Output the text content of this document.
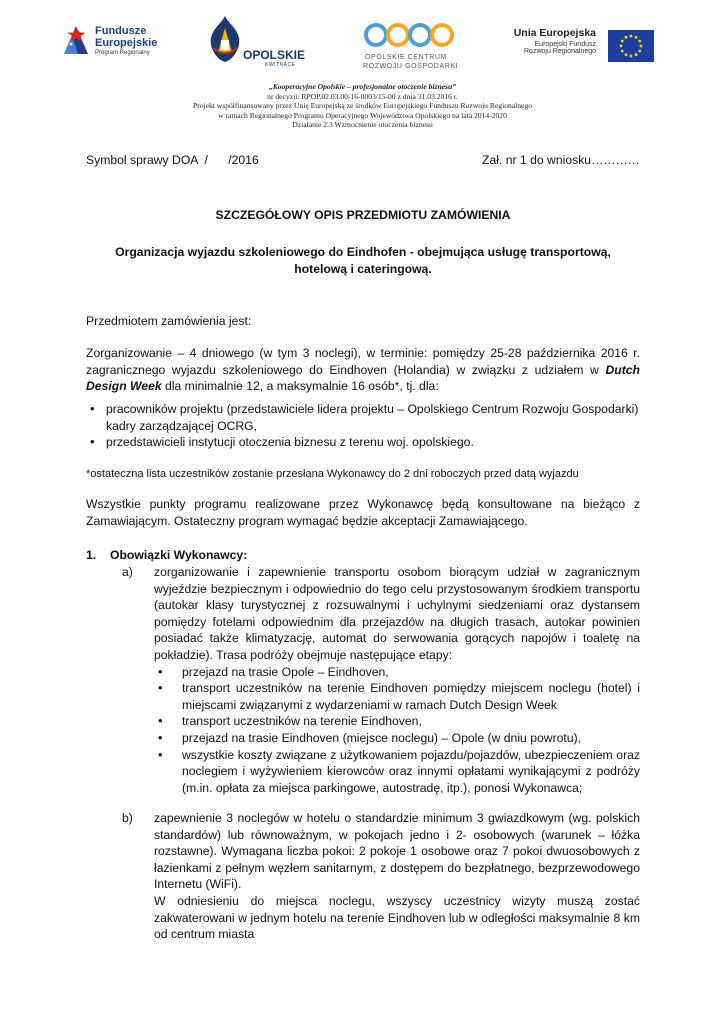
Fundusze
Europejskie
Program Regionalny	OPOLSKIE
KWITNĄCE
OPOLSKIE CENTRUM
ROZWOJU GOSPODARKI
Unia Europejska
Europejski Fundusz
Rozwoju Regionalnego
„Kooperacyjne Opolskie – profesjonalne otoczenie biznesu”
nr decyzji: RPOP.02.03.00-16-0003/15-00 z dnia 31.03.2016 r.
Projekt współfinansowany przez Unię Europejską ze środków Europejskiego Funduszu Rozwoju Regionalnego
w ramach Regionalnego Programu Operacyjnego Województwa Opolskiego na lata 2014-2020
Działanie 2.3 Wzmocnienie otoczenia biznesu
Symbol sprawy DOA  /      /2016	Zał. nr 1 do wniosku…………
SZCZEGÓŁOWY OPIS PRZEDMIOTU ZAMÓWIENIA
Organizacja wyjazdu szkoleniowego do Eindhofen - obejmująca usługę transportową,
hotelową i cateringową.
Przedmiotem zamówienia jest:
Zorganizowanie – 4 dniowego (w tym 3 noclegi), w terminie: pomiędzy 25-28 października 2016 r. zagranicznego wyjazdu szkoleniowego do Eindhoven (Holandia) w związku z udziałem w Dutch Design Week dla minimalnie 12, a maksymalnie 16 osób*, tj. dla:
• pracowników projektu (przedstawiciele lidera projektu – Opolskiego Centrum Rozwoju Gospodarki) kadry zarządzającej OCRG,
• przedstawicieli instytucji otoczenia biznesu z terenu woj. opolskiego.
*ostateczna lista uczestników zostanie przesłana Wykonawcy do 2 dni roboczych przed datą wyjazdu
Wszystkie punkty programu realizowane przez Wykonawcę będą konsultowane na bieżąco z Zamawiającym. Ostateczny program wymagać będzie akceptacji Zamawiającego.
1. Obowiązki Wykonawcy:
a) zorganizowanie i zapewnienie transportu osobom biorącym udział w zagranicznym wyjeździe bezpiecznym i odpowiednio do tego celu przystosowanym środkiem transportu (autokar klasy turystycznej z rozsuwalnymi i uchylnymi siedzeniami oraz dystansem pomiędzy fotelami odpowiednim dla przejazdów na długich trasach, autokar powinien posiadać także klimatyzację, automat do serwowania gorących napojów i toaletę na pokładzie). Trasa podróży obejmuje następujące etapy:
• przejazd na trasie Opole – Eindhoven,
• transport uczestników na terenie Eindhoven pomiędzy miejscem noclegu (hotel) i miejscami związanymi z wydarzeniami w ramach Dutch Design Week
• transport uczestników na terenie Eindhoven,
• przejazd na trasie Eindhoven (miejsce noclegu) – Opole (w dniu powrotu),
• wszystkie koszty związane z użytkowaniem pojazdu/pojazdów, ubezpieczeniem oraz noclegiem i wyżywieniem kierowców oraz innymi opłatami wynikającymi z podróży (m.in. opłata za miejsca parkingowe, autostradę, itp.), ponosi Wykonawca;
b) zapewnienie 3 noclegów w hotelu o standardzie minimum 3 gwiazdkowym (wg. polskich standardów) lub równoważnym, w pokojach jedno i 2- osobowych (warunek – łóżka rozstawne). Wymagana liczba pokoi: 2 pokoje 1 osobowe oraz 7 pokoi dwuosobowych z łazienkami z pełnym węzłem sanitarnym, z dostępem do bezpłatnego, bezprzewodowego Internetu (WiFi).
W odniesieniu do miejsca noclegu, wszyscy uczestnicy wizyty muszą zostać zakwaterowani w jednym hotelu na terenie Eindhoven lub w odległości maksymalnie 8 km od centrum miasta
